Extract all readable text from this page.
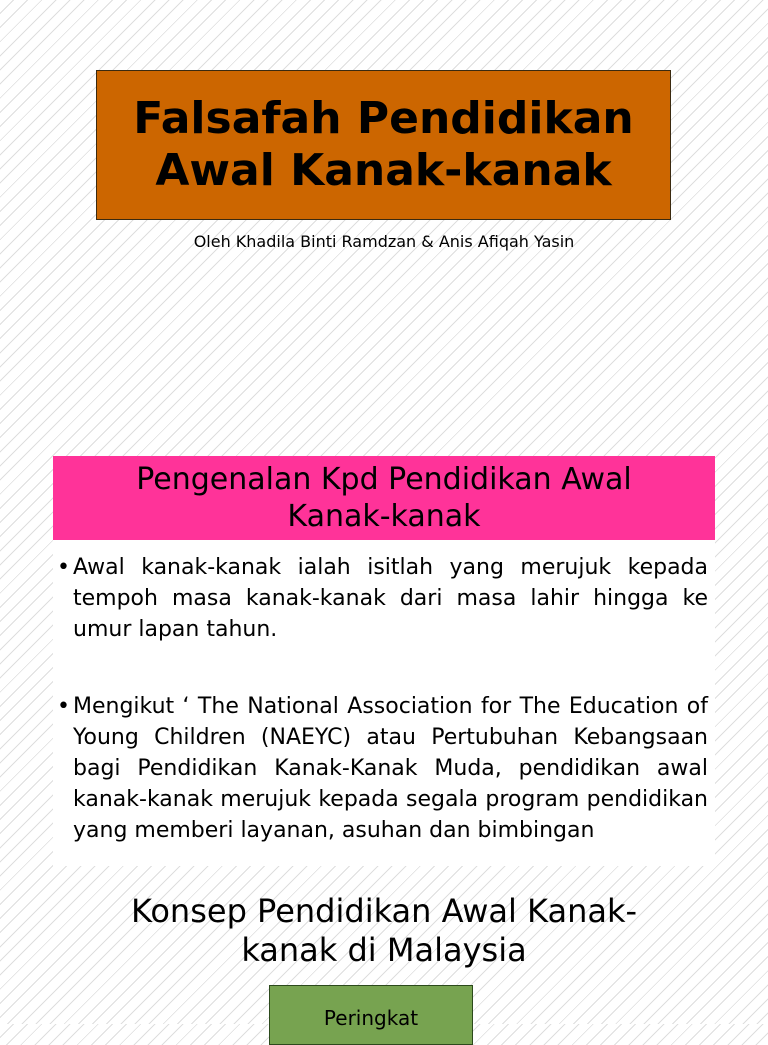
Falsafah Pendidikan
Awal Kanak-kanak
Oleh Khadila Binti Ramdzan & Anis Afiqah Yasin
Pengenalan Kpd Pendidikan Awal
Kanak-kanak
• Awal kanak-kanak ialah isitlah yang merujuk kepada tempoh masa kanak-kanak dari masa lahir hingga ke umur lapan tahun.
• Mengikut ‘ The National Association for The Education of Young Children (NAEYC) atau Pertubuhan Kebangsaan bagi Pendidikan Kanak-Kanak Muda, pendidikan awal kanak-kanak merujuk kepada segala program pendidikan yang memberi layanan, asuhan dan bimbingan
Konsep Pendidikan Awal Kanak-
kanak di Malaysia
Peringkat
